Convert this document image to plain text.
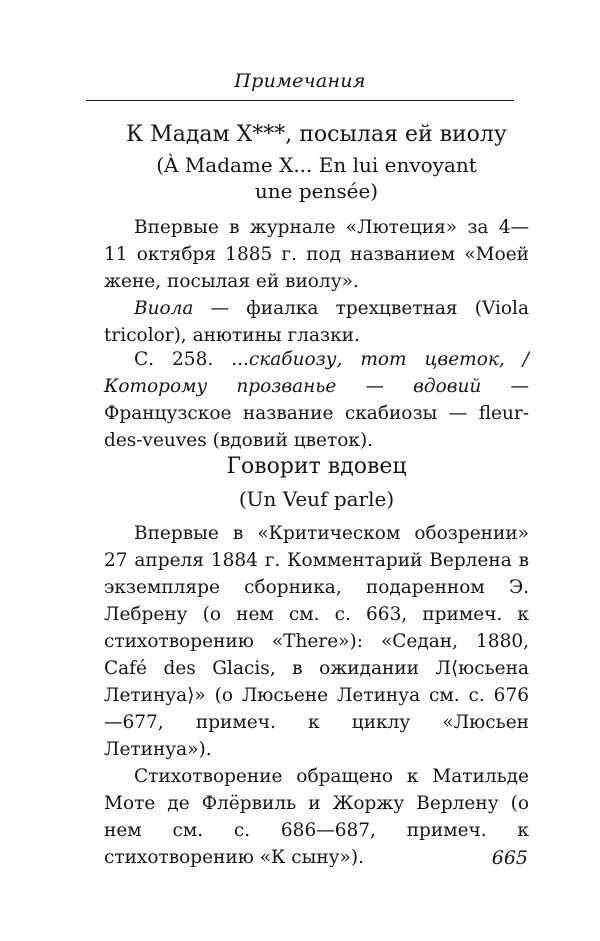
Примечания
К Мадам X***, посылая ей виолу
(À Madame X... En lui envoyant
une pensée)
Впервые в журнале «Лютеция» за 4—11 октября 1885 г. под названием «Моей жене, посылая ей виолу».
Виола — фиалка трехцветная (Viola tricolor), анютины глазки.
С. 258. ...скабиозу, тот цветок, / Которому прозванье — вдовий — Французское название скабиозы — fleur-des-veuves (вдовий цветок).
Говорит вдовец
(Un Veuf parle)
Впервые в «Критическом обозрении» 27 апреля 1884 г. Комментарий Верлена в экземпляре сборника, подаренном Э. Лебрену (о нем см. с. 663, примеч. к стихотворению «There»): «Седан, 1880, Café des Glacis, в ожидании Л⟨юсьена Летинуа⟩» (о Люсьене Летинуа см. с. 676—677, примеч. к циклу «Люсьен Летинуа»).
Стихотворение обращено к Матильде Моте де Флёрвиль и Жоржу Верлену (о нем см. с. 686—687, примеч. к стихотворению «К сыну»).	665
